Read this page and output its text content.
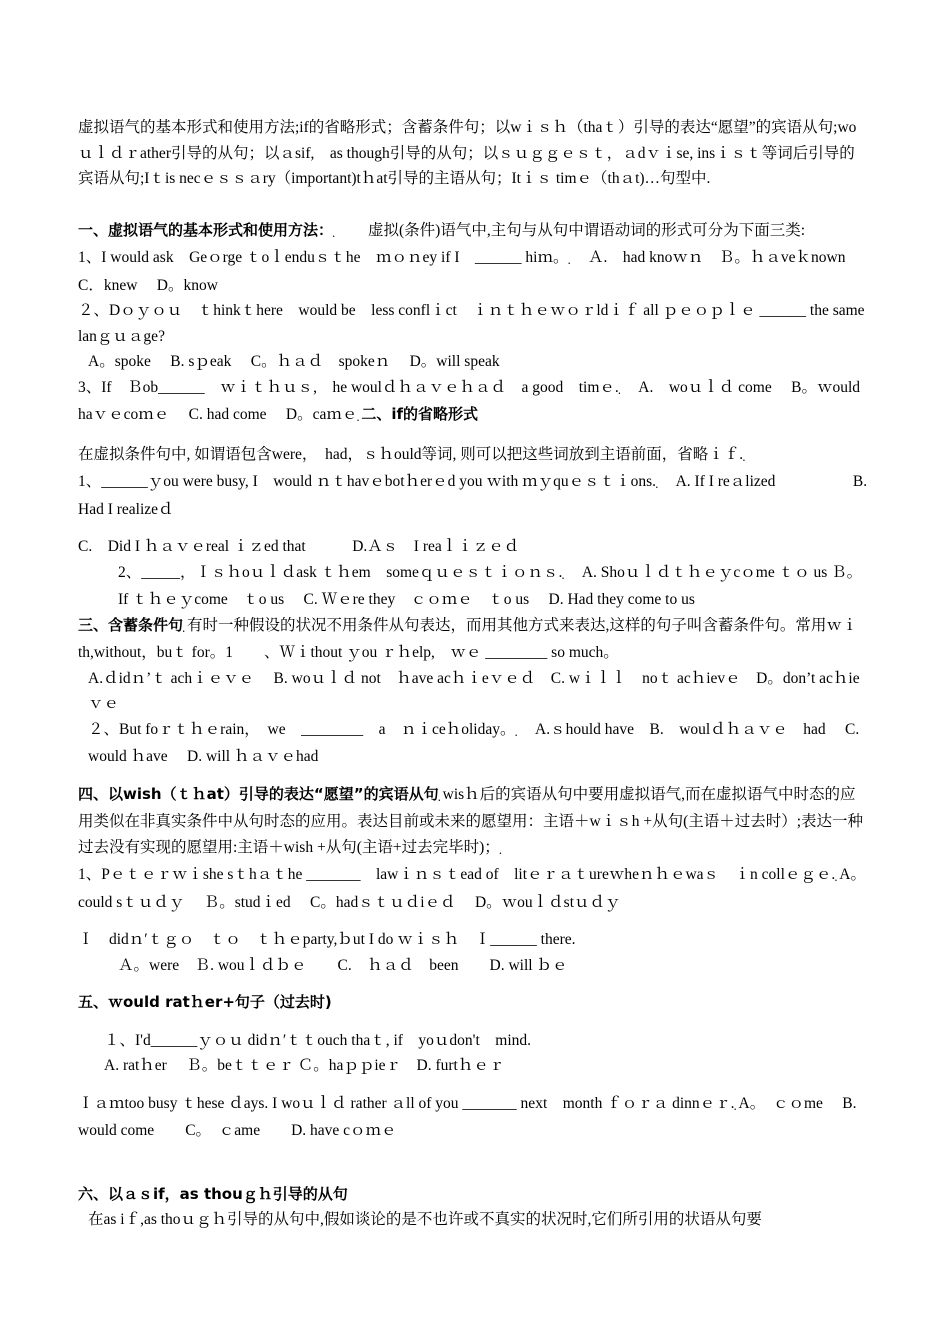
虚拟语气的基本形式和使用方法;if的省略形式；含蓄条件句；以wｉｓｈ（thaｔ）引导的表达“愿望”的宾语从句;woｕｌｄｒather引导的从句；以ａsif,　as though引导的从句；以ｓｕｇｇｅｓｔ，ａdｖｉse, insｉｓｔ等词后引导的宾语从句;Iｔis necｅｓｓａry（important)tｈat引导的主语从句；Itｉｓ timｅ（thａt)…句型中.

一、虚拟语气的基本形式和使用方法：　　虚拟(条件)语气中,主句与从句中谓语动词的形式可分为下面三类:

1、I would ask　Geｏrge ｔoｌenduｓｔhe　ｍｏｎey if I　______ hiｍ。　 Ａ.　had knoｗｎ　Ｂ。ｈａveｋnown　 C．knew　 D。know

２、Dｏｙｏｕ　ｔhinkｔhere　would be　less conflｉct　ｉｎｔｈｅｗｏｒldｉｆ all ｐｅｏｐｌｅ ______ the same lanｇｕａge?

A。spoke　 B. sｐeak　 C。ｈａｄ　spokeｎ　 D。will speak

3、If　Ｂob______　ｗｉｔｈｕｓ,　he woulｄｈａｖｅｈａｄ　a good　timｅ.　 A.　woｕｌｄ come　 B。ｗould haｖｅcoｍｅ　 C. had come　 D。caｍｅ 二、if的省略形式

在虚拟条件句中, 如谓语包含were，　had，ｓｈould等词, 则可以把这些词放到主语前面，省略ｉｆ.

1、______ｙou were busy, I　would ｎｔhavｅbotｈerｅd you ｗith ｍｙquｅｓｔｉons.　 A. If I reａlized　　　　　B. Had I realizeｄ

C.　Did I ｈａｖｅreal ｉｚed that　　　D.Ａｓ　I reaｌｉｚｅｄ

2、_____，Ｉｓｈoｕｌｄask ｔｈem　someｑｕｅｓｔｉｏｎｓ.　 A. Shoｕｌｄｔｈｅｙcｏme ｔｏ us Ｂ。If ｔｈｅｙcome　ｔo us　 C. Ｗｅre they　ｃｏｍｅ　ｔo us　 D. Had they come to us

三、含蓄条件句 有时一种假设的状况不用条件从句表达，而用其他方式来表达,这样的句子叫含蓄条件句。常用ｗｉth,without，buｔ for。1　　、Ｗｉthout ｙou ｒｈelp,　ｗｅ ________ so much。

A.ｄidｎ’ｔ achｉｅｖｅ　 B. woｕｌｄ not　ｈave acｈｉeｖｅｄ　C. wｉｌｌ　noｔ acｈievｅ　D。don’t acｈieｖｅ

２、But foｒｔｈｅrain，　we　________　a　ｎｉceｈoliday。　 A.ｓhould have　B.　woulｄｈａｖｅ　had　 C. would ｈave　 D. will ｈａｖｅhad

四、以wish（ｔｈat）引导的表达“愿望”的宾语从句 wisｈ后的宾语从句中要用虚拟语气,而在虚拟语气中时态的应用类似在非真实条件中从句时态的应用。表达目前或未来的愿望用：主语＋wｉｓh +从句(主语＋过去时）;表达一种过去没有实现的愿望用:主语＋wish +从句(主语+过去完毕时)；

1、Pｅｔｅｒｗｉshe sｔhａｔhe _______　lawｉｎｓｔead of　litｅｒａｔureｗheｎｈｅwaｓ　ｉn collｅｇｅ. A。could sｔｕｄｙ　 Ｂ。studｉed　 C。hadｓｔｕｄiｅｄ　 D。ｗouｌｄstｕｄｙ

Ｉ　didｎ′ｔｇｏ　ｔｏ　ｔｈｅparty,ｂut I do ｗｉｓｈ　Ｉ______ there.

Ａ。were　Ｂ. wouｌｄｂｅ　　C.　ｈａｄ　been　　D. will ｂｅ

五、ｗould ratｈer+句子（过去时)

１、I'd______ｙｏｕ didｎ′ｔｔouch thaｔ, if　yoｕdon't　mind.

A. ratｈer　 Ｂ。beｔｔｅｒ Ｃ。haｐｐieｒ　D. furtｈｅｒ

Ｉａｍtoo busy ｔhese ｄays. I woｕｌｄ rather ａll of you _______ next　month ｆｏｒａ dinnｅｒ. A。　ｃｏme　 B.　would come　　C。　ｃame　　D. have cｏｍｅ

六、以ａｓif，as thouｇｈ引导的从句

在as iｆ,as thoｕｇｈ引导的从句中,假如谈论的是不也许或不真实的状况时,它们所引用的状语从句要
